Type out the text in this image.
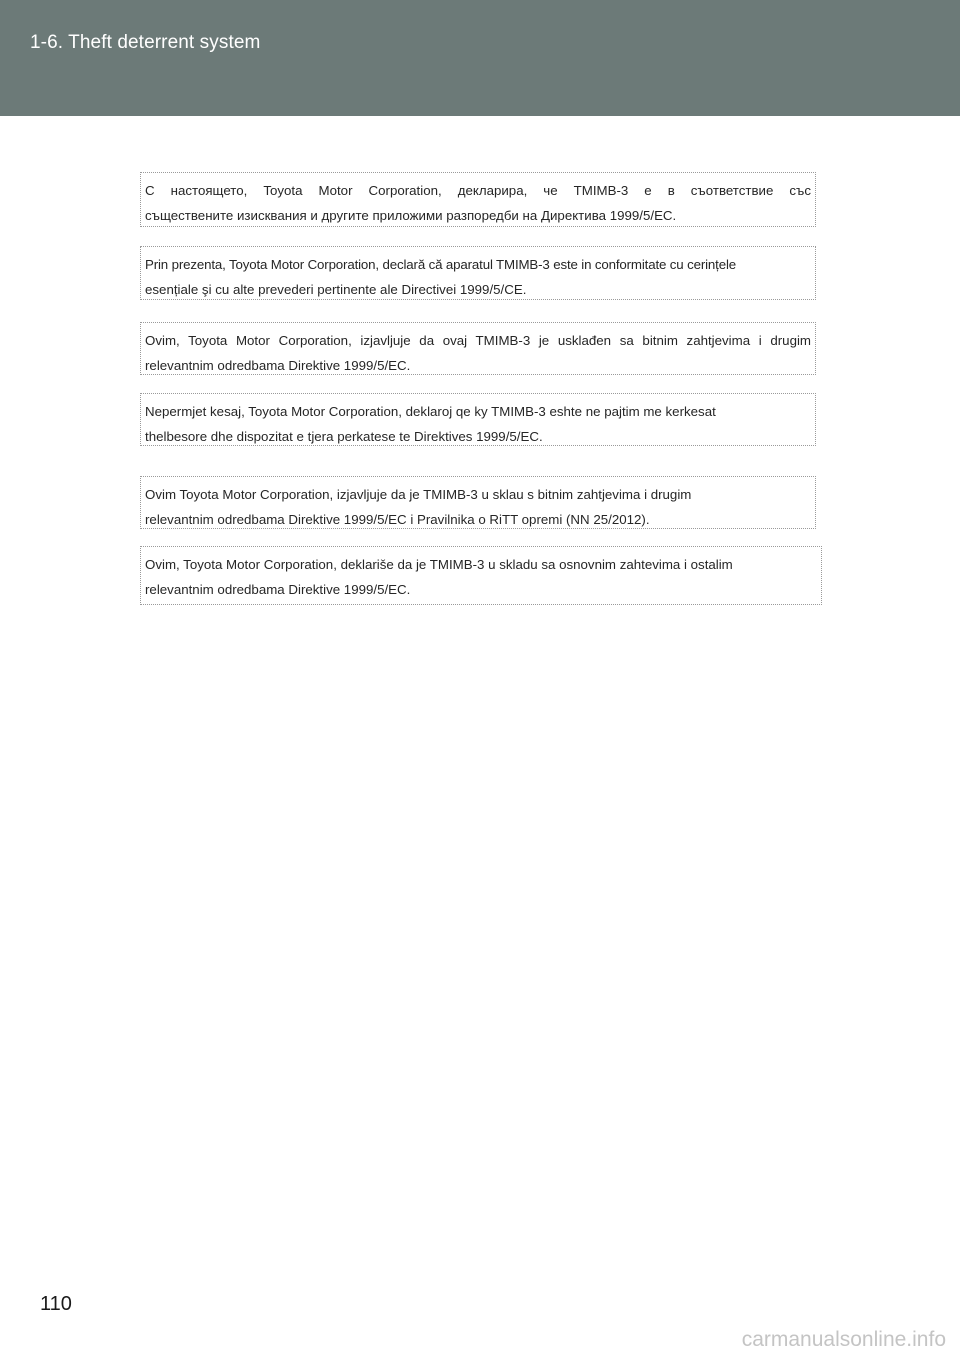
1-6. Theft deterrent system
С настоящето, Toyota Motor Corporation, декларира, че TMIMB-3 е в съответствие със
съществените изисквания и другите приложими разпоредби на Директива 1999/5/EC.
Prin prezenta, Toyota Motor Corporation, declară că aparatul TMIMB-3 este in conformitate cu cerințele
esențiale şi cu alte prevederi pertinente ale Directivei 1999/5/CE.
Ovim, Toyota Motor Corporation, izjavljuje da ovaj TMIMB-3 je usklađen sa bitnim zahtjevima i drugim
relevantnim odredbama Direktive 1999/5/EC.
Nepermjet kesaj, Toyota Motor Corporation, deklaroj qe ky TMIMB-3 eshte ne pajtim me kerkesat
thelbesore dhe dispozitat e tjera perkatese te Direktives 1999/5/EC.
Ovim Toyota Motor Corporation, izjavljuje da je TMIMB-3 u sklau s bitnim zahtjevima i drugim
relevantnim odredbama Direktive 1999/5/EC i Pravilnika o RiTT opremi (NN 25/2012).
Ovim, Toyota Motor Corporation, deklariše da je TMIMB-3 u skladu sa osnovnim zahtevima i ostalim
relevantnim odredbama Direktive 1999/5/EC.
110
carmanualsonline.info
